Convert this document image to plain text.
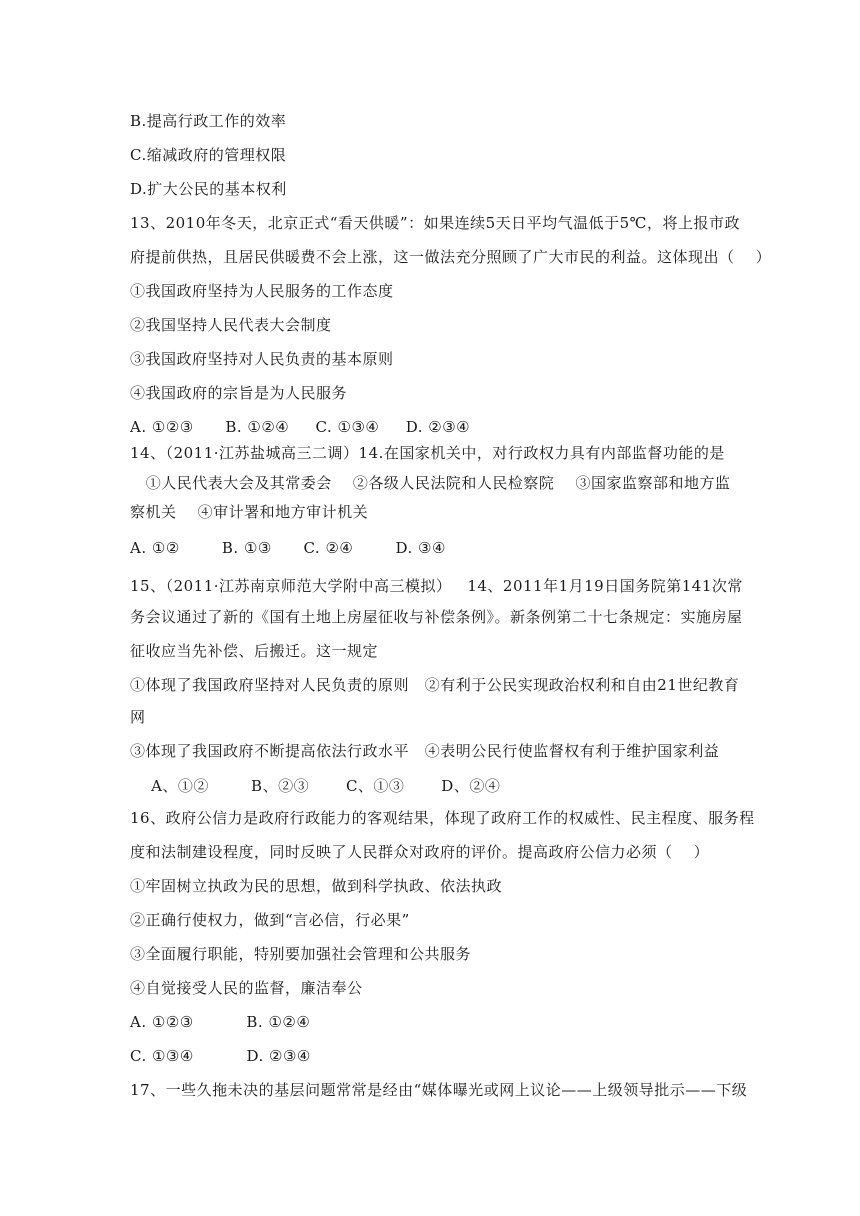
B.提高行政工作的效率
C.缩减政府的管理权限
D.扩大公民的基本权利
13、2010年冬天，北京正式“看天供暖”：如果连续5天日平均气温低于5℃，将上报市政
府提前供热，且居民供暖费不会上涨，这一做法充分照顾了广大市民的利益。这体现出（    ）
①我国政府坚持为人民服务的工作态度
②我国坚持人民代表大会制度
③我国政府坚持对人民负责的基本原则
④我国政府的宗旨是为人民服务
A. ①②③      B. ①②④     C. ①③④     D. ②③④
14、（2011·江苏盐城高三二调）14.在国家机关中，对行政权力具有内部监督功能的是
①人民代表大会及其常委会    ②各级人民法院和人民检察院    ③国家监察部和地方监
察机关    ④审计署和地方审计机关
A. ①②        B. ①③      C. ②④        D. ③④
15、（2011·江苏南京师范大学附中高三模拟）   14、2011年1月19日国务院第141次常
务会议通过了新的《国有土地上房屋征收与补偿条例》。新条例第二十七条规定：实施房屋
征收应当先补偿、后搬迁。这一规定
①体现了我国政府坚持对人民负责的原则   ②有利于公民实现政治权利和自由21世纪教育
网
③体现了我国政府不断提高依法行政水平   ④表明公民行使监督权有利于维护国家利益
A、①②        B、②③       C、①③       D、②④
16、政府公信力是政府行政能力的客观结果，体现了政府工作的权威性、民主程度、服务程
度和法制建设程度，同时反映了人民群众对政府的评价。提高政府公信力必须（    ）
①牢固树立执政为民的思想，做到科学执政、依法执政
②正确行使权力，做到“言必信，行必果”
③全面履行职能，特别要加强社会管理和公共服务
④自觉接受人民的监督，廉洁奉公
A. ①②③          B. ①②④
C. ①③④          D. ②③④
17、一些久拖未决的基层问题常常是经由“媒体曝光或网上议论——上级领导批示——下级
